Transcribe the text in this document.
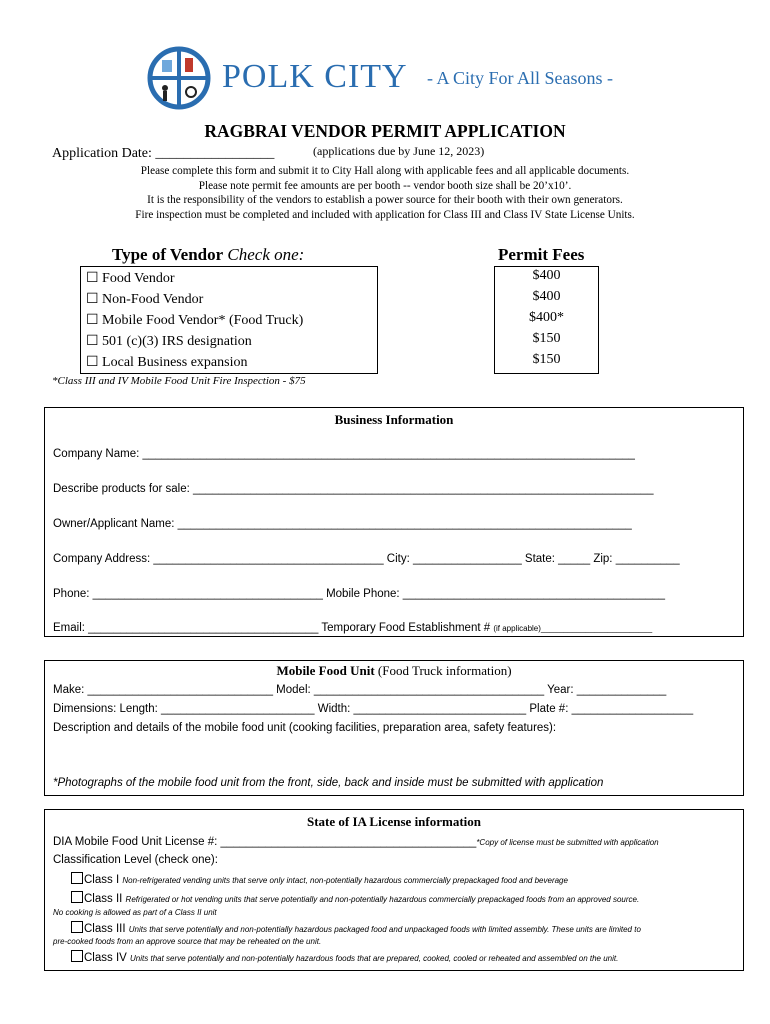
POLK CITY - A City For All Seasons -
RAGBRAI VENDOR PERMIT APPLICATION
Application Date: _________________	(applications due by June 12, 2023)
Please complete this form and submit it to City Hall along with applicable fees and all applicable documents.
Please note permit fee amounts are per booth -- vendor booth size shall be 20’x10’.
It is the responsibility of the vendors to establish a power source for their booth with their own generators.
Fire inspection must be completed and included with application for Class III and Class IV State License Units.
Type of Vendor Check one:	Permit Fees
☐ Food Vendor
☐ Non-Food Vendor
☐ Mobile Food Vendor* (Food Truck)
☐ 501 (c)(3) IRS designation
☐ Local Business expansion
$400
$400
$400*
$150
$150
*Class III and IV Mobile Food Unit Fire Inspection - $75
Business Information
Company Name: _____________________________________________________________________________
Describe products for sale: ________________________________________________________________________
Owner/Applicant Name: _______________________________________________________________________
Company Address: ____________________________________ City: _________________ State: _____ Zip: __________
Phone: ____________________________________ Mobile Phone: _________________________________________
Email: ____________________________________ Temporary Food Establishment # (if applicable)_________________________
Mobile Food Unit (Food Truck information)
Make: _____________________________ Model: ____________________________________ Year: ______________
Dimensions: Length: ________________________ Width: ___________________________ Plate #: ___________________
Description and details of the mobile food unit (cooking facilities, preparation area, safety features):
*Photographs of the mobile food unit from the front, side, back and inside must be submitted with application
State of IA License information
DIA Mobile Food Unit License #: ________________________________________*Copy of license must be submitted with application
Classification Level (check one):
Class I Non-refrigerated vending units that serve only intact, non-potentially hazardous commercially prepackaged food and beverage
Class II Refrigerated or hot vending units that serve potentially and non-potentially hazardous commercially prepackaged foods from an approved source.
No cooking is allowed as part of a Class II unit
Class III Units that serve potentially and non-potentially hazardous packaged food and unpackaged foods with limited assembly. These units are limited to
pre-cooked foods from an approve source that may be reheated on the unit.
Class IV Units that serve potentially and non-potentially hazardous foods that are prepared, cooked, cooled or reheated and assembled on the unit.
